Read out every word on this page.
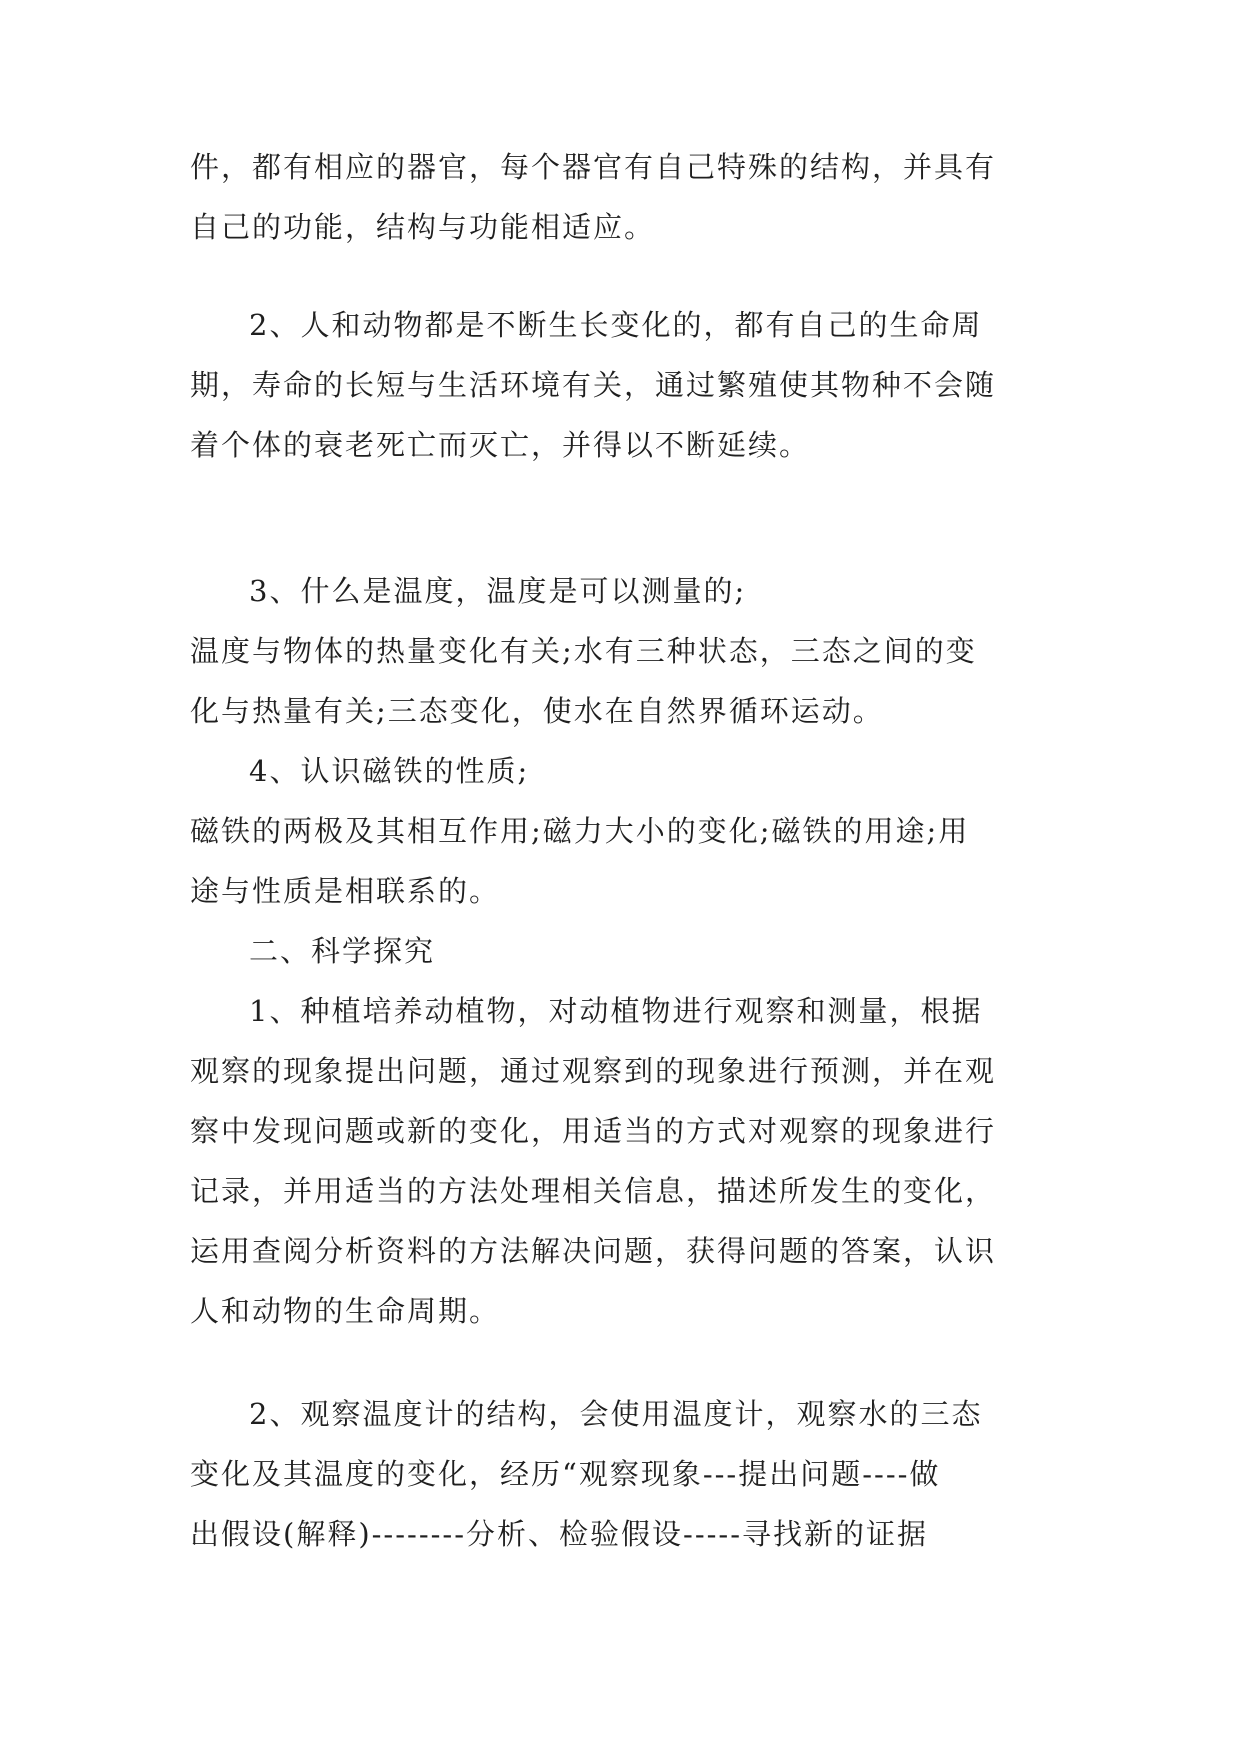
件，都有相应的器官，每个器官有自己特殊的结构，并具有
自己的功能，结构与功能相适应。
2、人和动物都是不断生长变化的，都有自己的生命周
期，寿命的长短与生活环境有关，通过繁殖使其物种不会随
着个体的衰老死亡而灭亡，并得以不断延续。
3、什么是温度，温度是可以测量的;
温度与物体的热量变化有关;水有三种状态，三态之间的变
化与热量有关;三态变化，使水在自然界循环运动。
4、认识磁铁的性质;
磁铁的两极及其相互作用;磁力大小的变化;磁铁的用途;用
途与性质是相联系的。
二、科学探究
1、种植培养动植物，对动植物进行观察和测量，根据
观察的现象提出问题，通过观察到的现象进行预测，并在观
察中发现问题或新的变化，用适当的方式对观察的现象进行
记录，并用适当的方法处理相关信息，描述所发生的变化，
运用查阅分析资料的方法解决问题，获得问题的答案，认识
人和动物的生命周期。
2、观察温度计的结构，会使用温度计，观察水的三态
变化及其温度的变化，经历“观察现象---提出问题----做
出假设(解释)--------分析、检验假设-----寻找新的证据
